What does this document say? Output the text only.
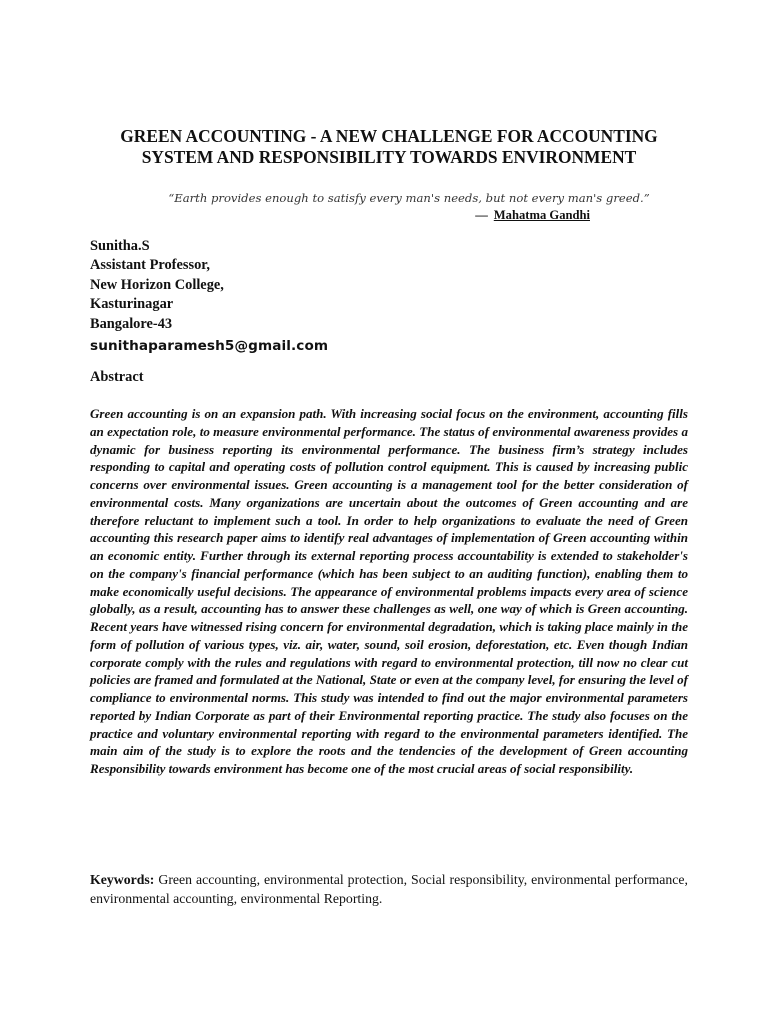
GREEN ACCOUNTING - A NEW CHALLENGE FOR ACCOUNTING
SYSTEM AND RESPONSIBILITY TOWARDS ENVIRONMENT

“Earth provides enough to satisfy every man's needs, but not every man's greed.”

— Mahatma Gandhi

Sunitha.S
Assistant Professor,
New Horizon College,
Kasturinagar
Bangalore-43
sunithaparamesh5@gmail.com
Abstract

Green accounting is on an expansion path. With increasing social focus on the environment, accounting fills an expectation role, to measure environmental performance. The status of environmental awareness provides a dynamic for business reporting its environmental performance. The business firm’s strategy includes responding to capital and operating costs of pollution control equipment. This is caused by increasing public concerns over environmental issues. Green accounting is a management tool for the better consideration of environmental costs. Many organizations are uncertain about the outcomes of Green accounting and are therefore reluctant to implement such a tool. In order to help organizations to evaluate the need of Green accounting this research paper aims to identify real advantages of implementation of Green accounting within an economic entity. Further through its external reporting process accountability is extended to stakeholder's on the company's financial performance (which has been subject to an auditing function), enabling them to make economically useful decisions. The appearance of environmental problems impacts every area of science globally, as a result, accounting has to answer these challenges as well, one way of which is Green accounting. Recent years have witnessed rising concern for environmental degradation, which is taking place mainly in the form of pollution of various types, viz. air, water, sound, soil erosion, deforestation, etc. Even though Indian corporate comply with the rules and regulations with regard to environmental protection, till now no clear cut policies are framed and formulated at the National, State or even at the company level, for ensuring the level of compliance to environmental norms. This study was intended to find out the major environmental parameters reported by Indian Corporate as part of their Environmental reporting practice. The study also focuses on the practice and voluntary environmental reporting with regard to the environmental parameters identified. The main aim of the study is to explore the roots and the tendencies of the development of Green accounting Responsibility towards environment has become one of the most crucial areas of social responsibility.

Keywords: Green accounting, environmental protection, Social responsibility, environmental performance, environmental accounting, environmental Reporting.
